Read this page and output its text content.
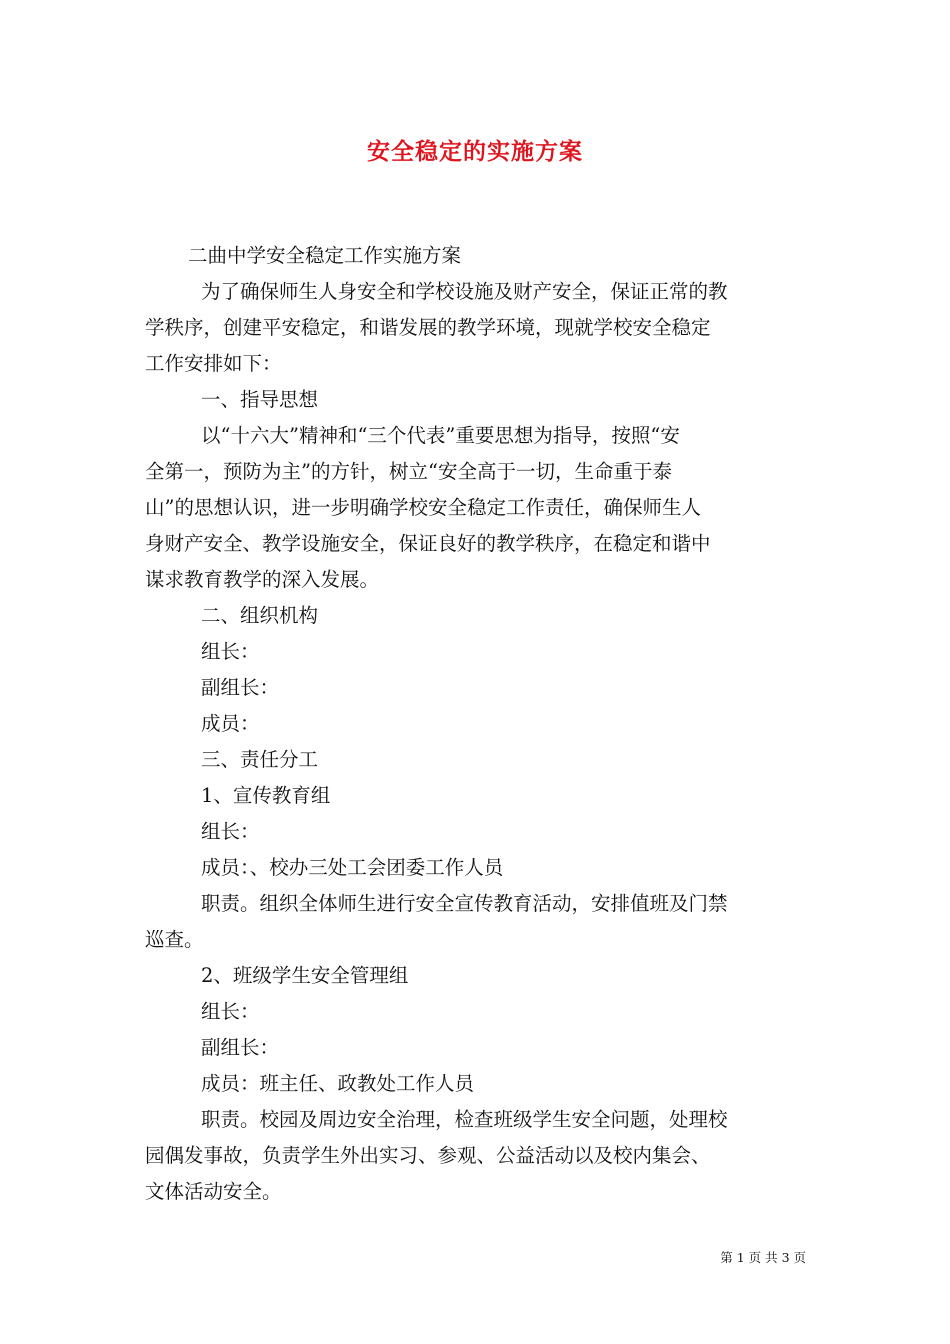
安全稳定的实施方案
二曲中学安全稳定工作实施方案
为了确保师生人身安全和学校设施及财产安全，保证正常的教
学秩序，创建平安稳定，和谐发展的教学环境，现就学校安全稳定
工作安排如下：
一、指导思想
以“十六大”精神和“三个代表”重要思想为指导，按照“安
全第一，预防为主”的方针，树立“安全高于一切，生命重于泰
山”的思想认识，进一步明确学校安全稳定工作责任，确保师生人
身财产安全、教学设施安全，保证良好的教学秩序，在稳定和谐中
谋求教育教学的深入发展。
二、组织机构
组长：
副组长：
成员：
三、责任分工
1、宣传教育组
组长：
成员：、校办三处工会团委工作人员
职责。组织全体师生进行安全宣传教育活动，安排值班及门禁
巡查。
2、班级学生安全管理组
组长：
副组长：
成员：班主任、政教处工作人员
职责。校园及周边安全治理，检查班级学生安全问题，处理校
园偶发事故，负责学生外出实习、参观、公益活动以及校内集会、
文体活动安全。
第 1 页 共 3 页
